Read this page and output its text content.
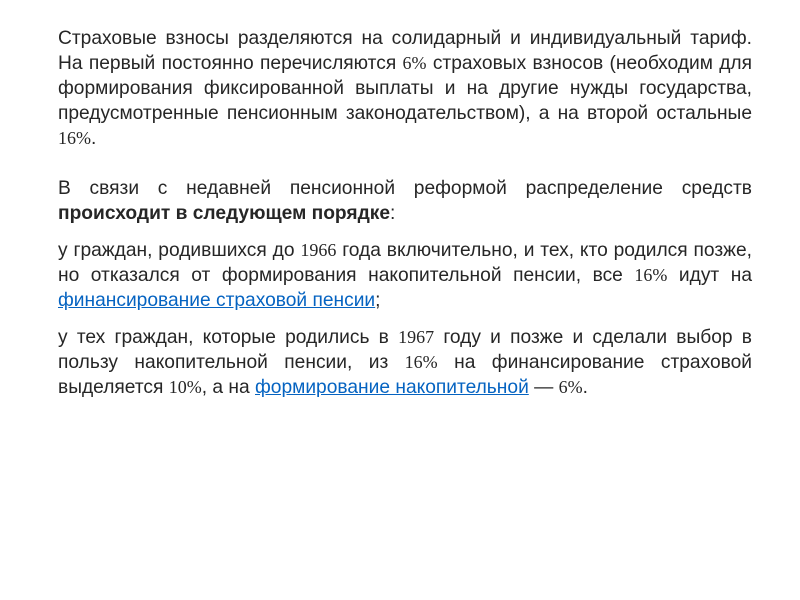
Страховые взносы разделяются на солидарный и индивидуальный тариф. На первый постоянно перечисляются 6% страховых взносов (необходим для формирования фиксированной выплаты и на другие нужды государства, предусмотренные пенсионным законодательством), а на второй остальные 16%.

В связи с недавней пенсионной реформой распределение средств происходит в следующем порядке:

у граждан, родившихся до 1966 года включительно, и тех, кто родился позже, но отказался от формирования накопительной пенсии, все 16% идут на финансирование страховой пенсии;

у тех граждан, которые родились в 1967 году и позже и сделали выбор в пользу накопительной пенсии, из 16% на финансирование страховой выделяется 10%, а на формирование накопительной — 6%.
